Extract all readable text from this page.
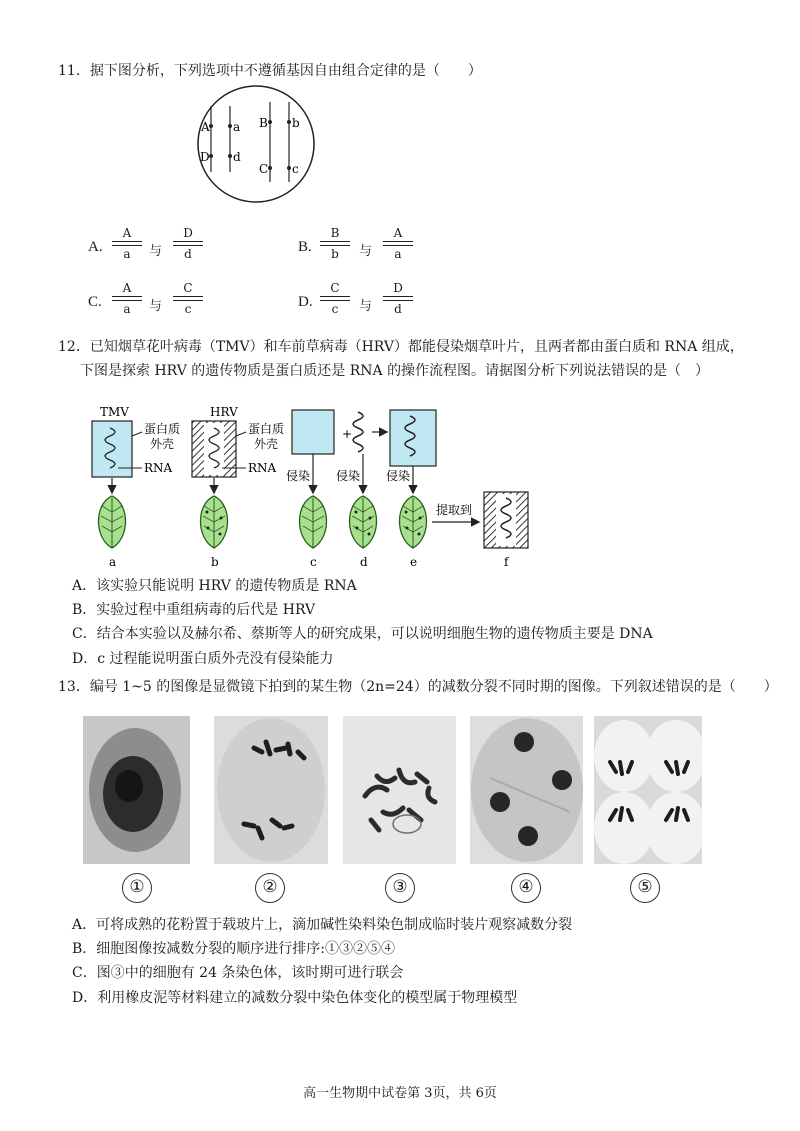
11．据下图分析，下列选项中不遵循基因自由组合定律的是（　　）
A a
D d
B b
C c
A.
A
a	与
D
d	B.
B
b	与
A
a
C.
A
a	与
C
c	D.
C
c	与
D
d
12．已知烟草花叶病毒（TMV）和车前草病毒（HRV）都能侵染烟草叶片，且两者都由蛋白质和 RNA 组成，
下图是探索 HRV 的遗传物质是蛋白质还是 RNA 的操作流程图。请据图分析下列说法错误的是（　）
TMV
蛋白质
外壳
RNA
HRV
蛋白质
外壳
RNA
+
侵染 侵染 侵染
提取到
a	b	c	d	e	f
A．该实验只能说明 HRV 的遗传物质是 RNA
B．实验过程中重组病毒的后代是 HRV
C．结合本实验以及赫尔希、蔡斯等人的研究成果，可以说明细胞生物的遗传物质主要是 DNA
D．c 过程能说明蛋白质外壳没有侵染能力
13．编号 1~5 的图像是显微镜下拍到的某生物（2n=24）的减数分裂不同时期的图像。下列叙述错误的是（　　）
①	②	③	④	⑤
A．可将成熟的花粉置于载玻片上，滴加碱性染料染色制成临时装片观察减数分裂
B．细胞图像按减数分裂的顺序进行排序:①③②⑤④
C．图③中的细胞有 24 条染色体，该时期可进行联会
D．利用橡皮泥等材料建立的减数分裂中染色体变化的模型属于物理模型
高一生物期中试卷第 3页，共 6页
